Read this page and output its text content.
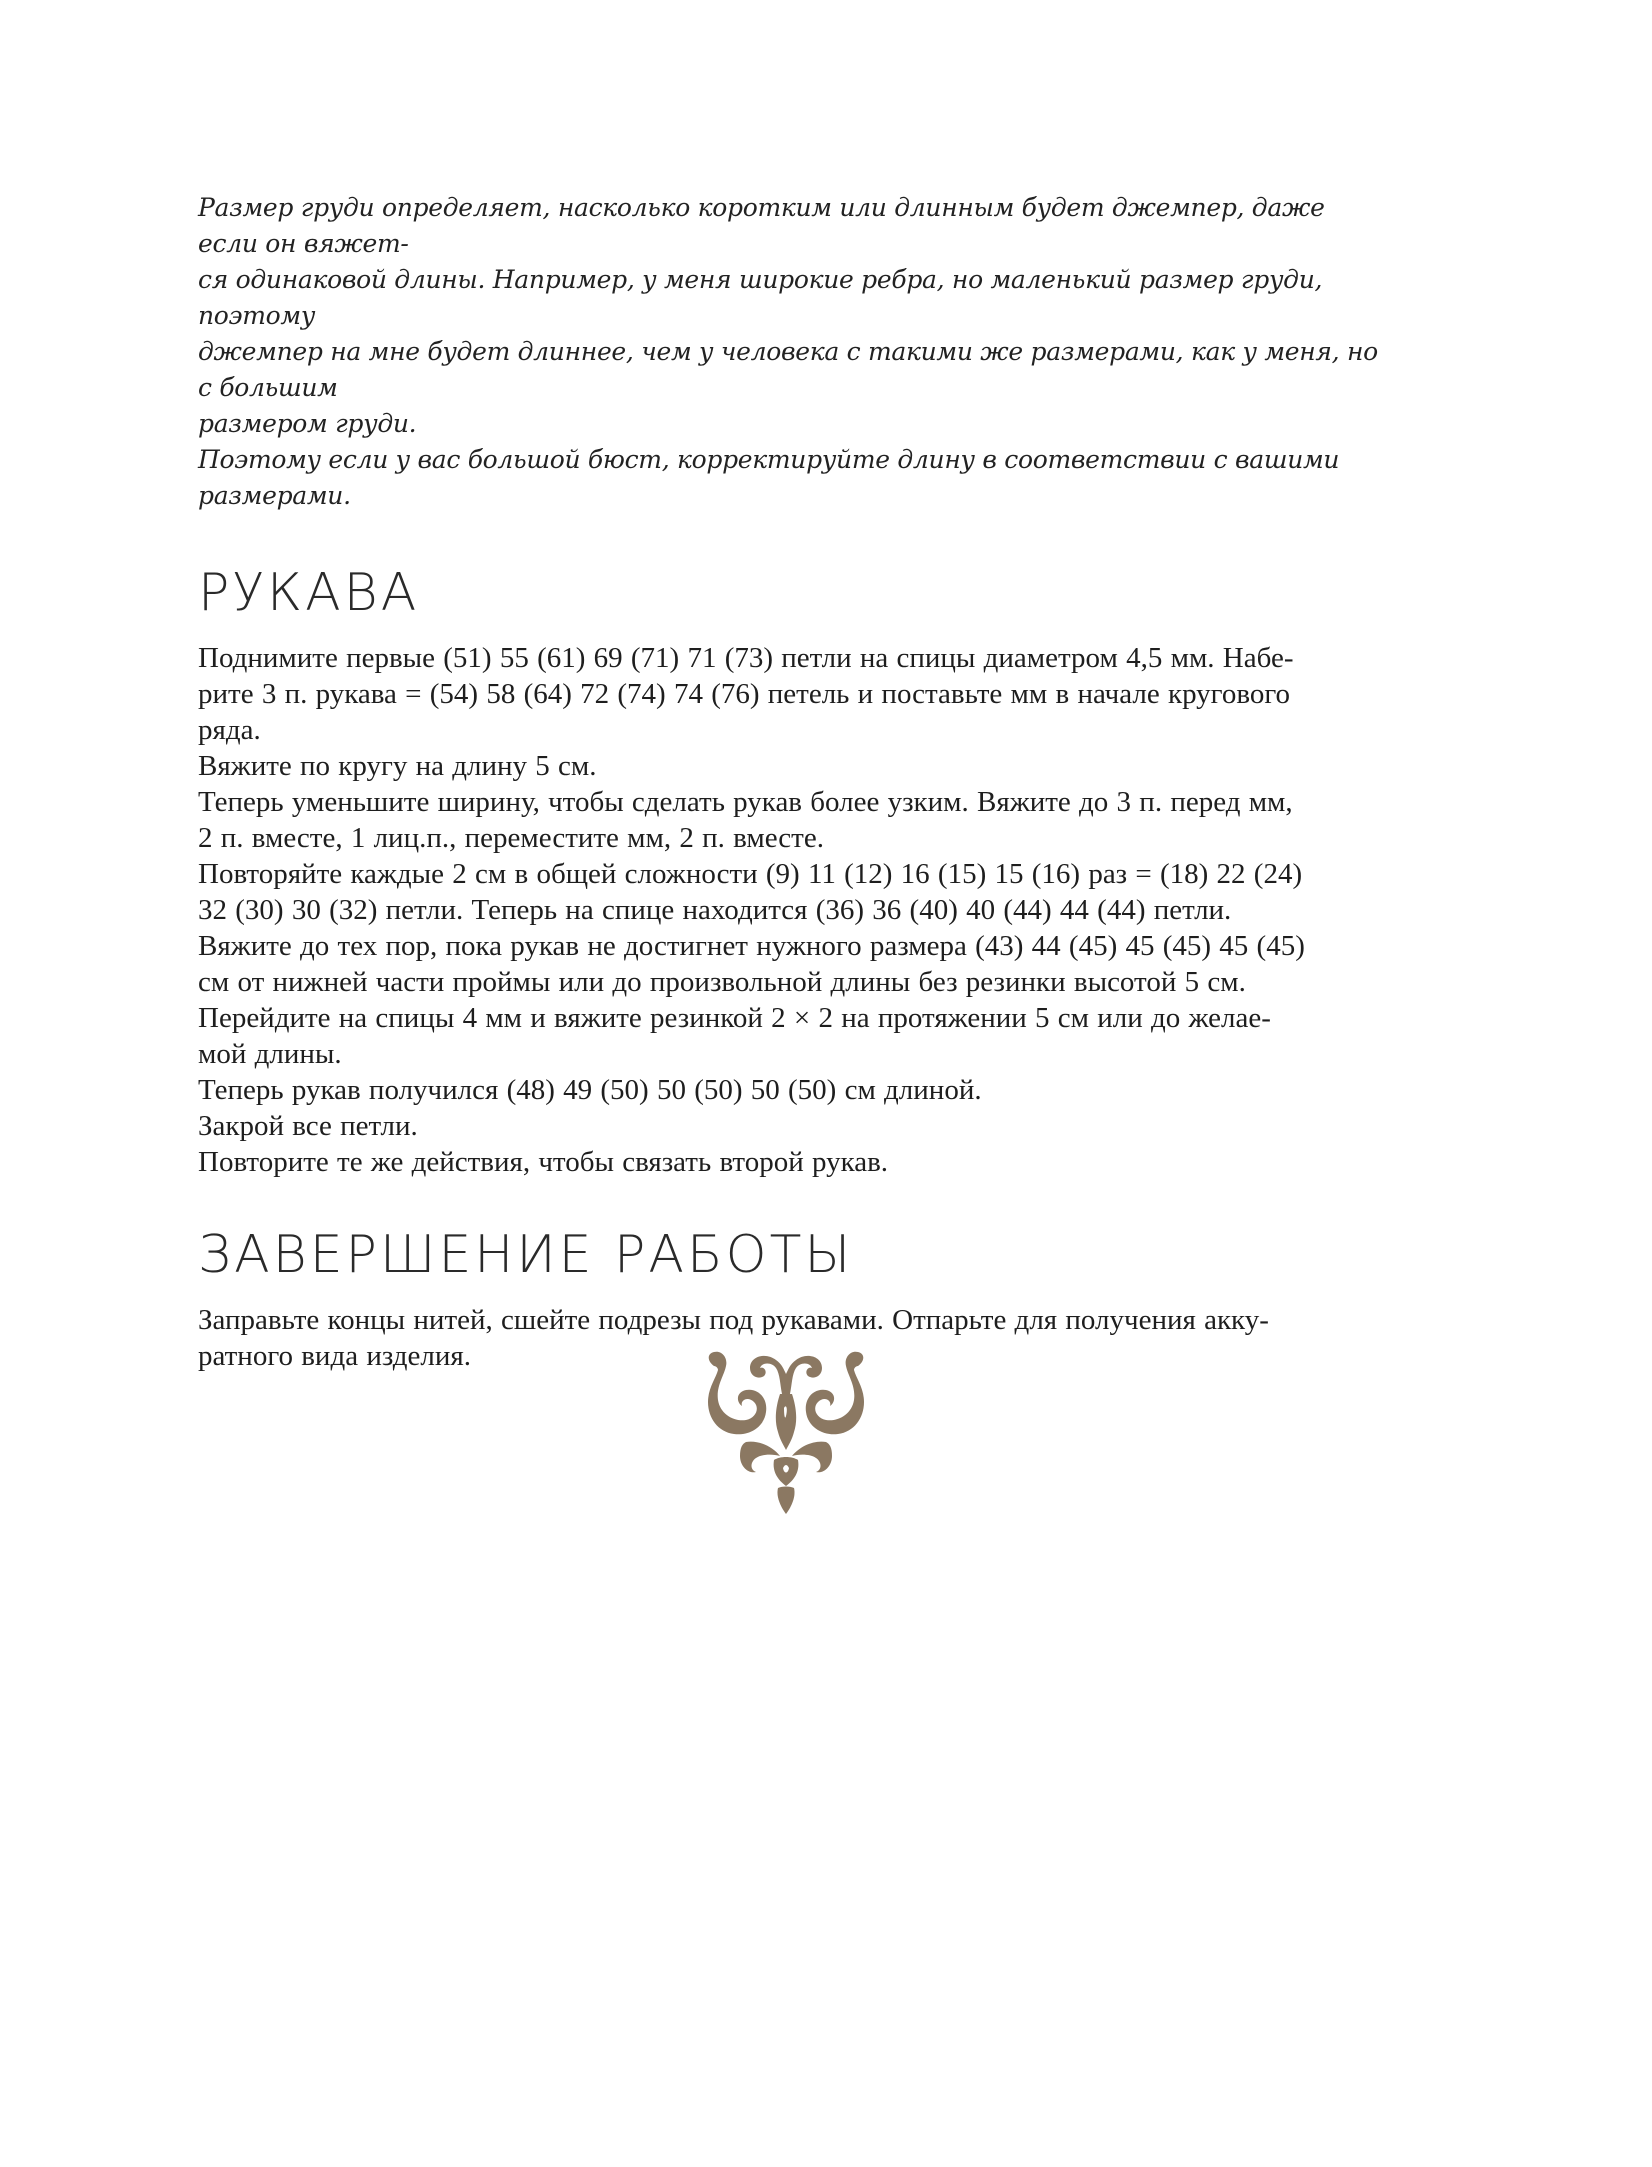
Размер груди определяет, насколько коротким или длинным будет джемпер, даже если он вяжет-

ся одинаковой длины. Например, у меня широкие ребра, но маленький размер груди, поэтому

джемпер на мне будет длиннее, чем у человека с такими же размерами, как у меня, но с большим

размером груди.

Поэтому если у вас большой бюст, корректируйте длину в соответствии с вашими размерами.

РУКАВА

Поднимите первые (51) 55 (61) 69 (71) 71 (73) петли на спицы диаметром 4,5 мм. Набе-

рите 3 п. рукава = (54) 58 (64) 72 (74) 74 (76) петель и поставьте мм в начале кругового

ряда.

Вяжите по кругу на длину 5 см.

Теперь уменьшите ширину, чтобы сделать рукав более узким. Вяжите до 3 п. перед мм,

2 п. вместе, 1 лиц.п., переместите мм, 2 п. вместе.

Повторяйте каждые 2 см в общей сложности (9) 11 (12) 16 (15) 15 (16) раз = (18) 22 (24)

32 (30) 30 (32) петли. Теперь на спице находится (36) 36 (40) 40 (44) 44 (44) петли.

Вяжите до тех пор, пока рукав не достигнет нужного размера (43) 44 (45) 45 (45) 45 (45)

см от нижней части проймы или до произвольной длины без резинки высотой 5 см.

Перейдите на спицы 4 мм и вяжите резинкой 2 × 2 на протяжении 5 см или до желае-

мой длины.

Теперь рукав получился (48) 49 (50) 50 (50) 50 (50) см длиной.

Закрой все петли.

Повторите те же действия, чтобы связать второй рукав.

ЗАВЕРШЕНИЕ РАБОТЫ

Заправьте концы нитей, сшейте подрезы под рукавами. Отпарьте для получения акку-

ратного вида изделия.
